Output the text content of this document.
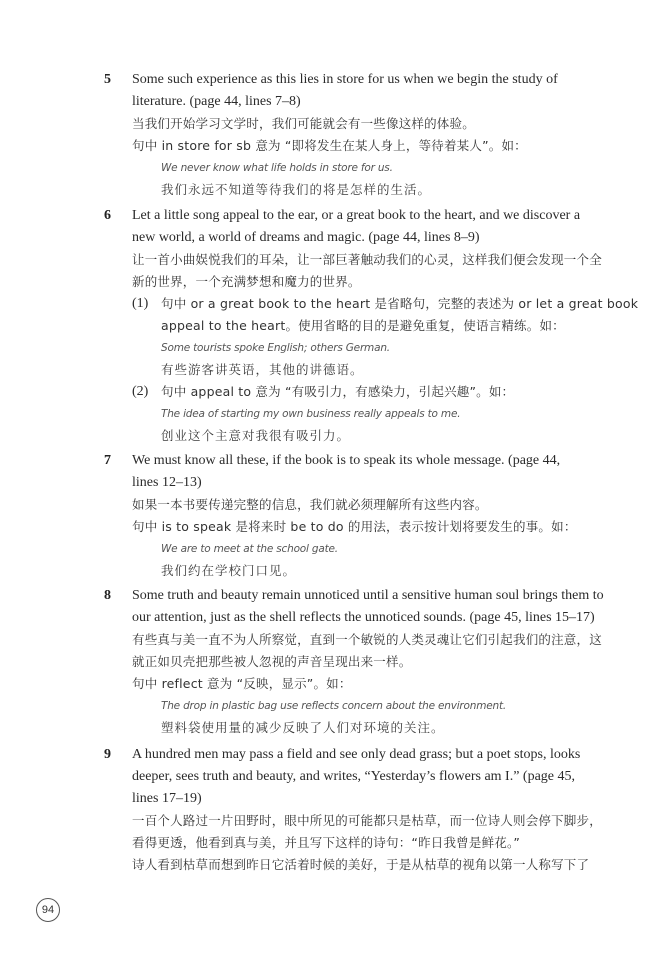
5 Some such experience as this lies in store for us when we begin the study of
literature. (page 44, lines 7–8)
当我们开始学习文学时，我们可能就会有一些像这样的体验。
句中 in store for sb 意为 “即将发生在某人身上，等待着某人”。如：
We never know what life holds in store for us.
我们永远不知道等待我们的将是怎样的生活。
6 Let a little song appeal to the ear, or a great book to the heart, and we discover a
new world, a world of dreams and magic. (page 44, lines 8–9)
让一首小曲娱悦我们的耳朵，让一部巨著触动我们的心灵，这样我们便会发现一个全
新的世界，一个充满梦想和魔力的世界。
(1) 句中 or a great book to the heart 是省略句，完整的表述为 or let a great book
appeal to the heart。使用省略的目的是避免重复，使语言精练。如：
Some tourists spoke English; others German.
有些游客讲英语，其他的讲德语。
(2) 句中 appeal to 意为 “有吸引力，有感染力，引起兴趣”。如：
The idea of starting my own business really appeals to me.
创业这个主意对我很有吸引力。
7 We must know all these, if the book is to speak its whole message. (page 44,
lines 12–13)
如果一本书要传递完整的信息，我们就必须理解所有这些内容。
句中 is to speak 是将来时 be to do 的用法，表示按计划将要发生的事。如：
We are to meet at the school gate.
我们约在学校门口见。
8 Some truth and beauty remain unnoticed until a sensitive human soul brings them to
our attention, just as the shell reflects the unnoticed sounds. (page 45, lines 15–17)
有些真与美一直不为人所察觉，直到一个敏锐的人类灵魂让它们引起我们的注意，这
就正如贝壳把那些被人忽视的声音呈现出来一样。
句中 reflect 意为 “反映，显示”。如：
The drop in plastic bag use reflects concern about the environment.
塑料袋使用量的减少反映了人们对环境的关注。
9 A hundred men may pass a field and see only dead grass; but a poet stops, looks
deeper, sees truth and beauty, and writes, “Yesterday’s flowers am I.” (page 45,
lines 17–19)
一百个人路过一片田野时，眼中所见的可能都只是枯草，而一位诗人则会停下脚步，
看得更透，他看到真与美，并且写下这样的诗句：“昨日我曾是鲜花。”
诗人看到枯草而想到昨日它活着时候的美好，于是从枯草的视角以第一人称写下了
94
